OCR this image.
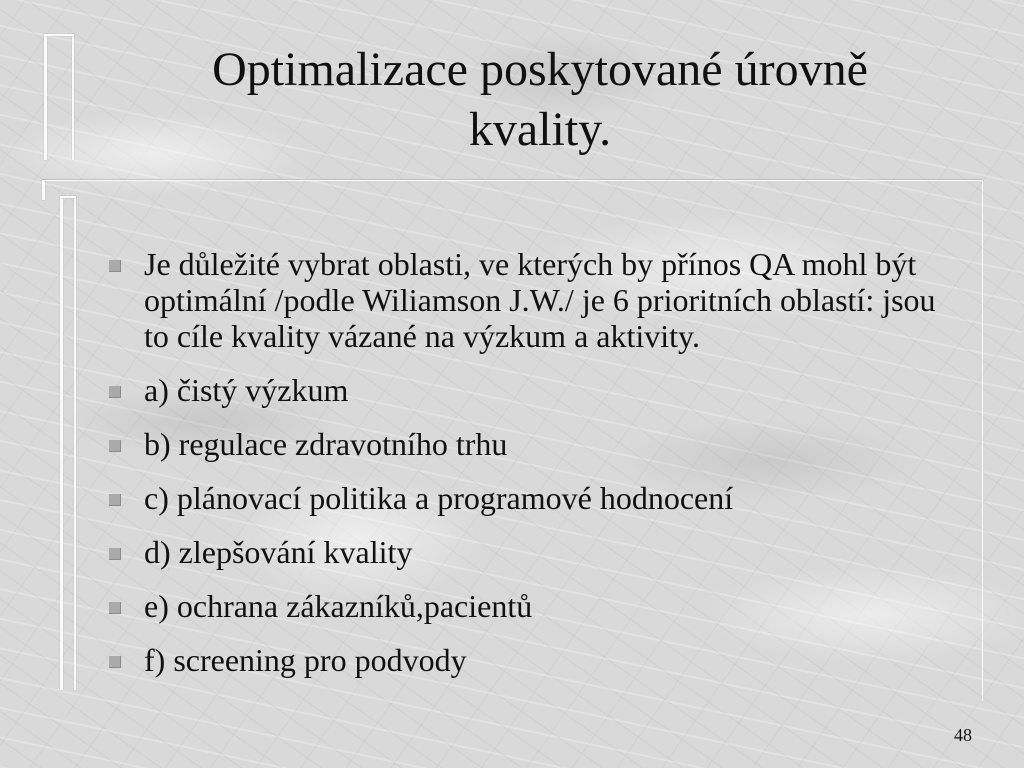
Optimalizace poskytované úrovně
kvality.
Je důležité vybrat oblasti, ve kterých by přínos QA mohl být optimální /podle Wiliamson J.W./ je 6 prioritních oblastí: jsou to cíle kvality vázané na výzkum a aktivity.
a) čistý výzkum
b) regulace zdravotního trhu
c) plánovací politika a programové hodnocení
d) zlepšování kvality
e) ochrana zákazníků,pacientů
f) screening pro podvody
48
